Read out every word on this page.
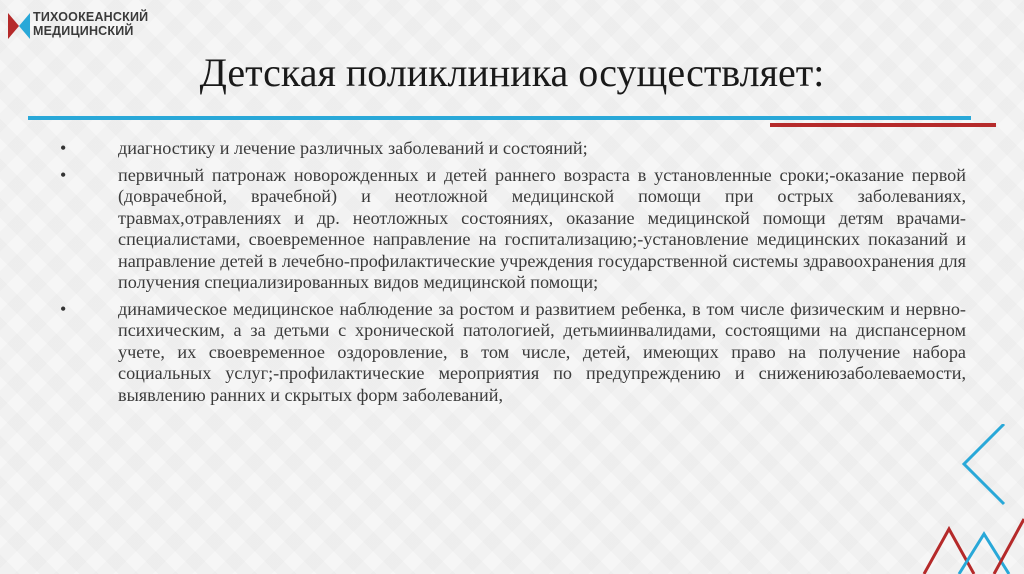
ТИХООКЕАНСКИЙ
МЕДИЦИНСКИЙ
Детская поликлиника осуществляет:
•	диагностику и лечение различных заболеваний и состояний;
•	первичный патронаж новорожденных и детей раннего возраста в установленные сроки;-оказание первой (доврачебной, врачебной) и неотложной медицинской помощи при острых заболеваниях, травмах,отравлениях и др. неотложных состояниях, оказание медицинской помощи детям врачами-специалистами, своевременное направление на госпитализацию;-установление медицинских показаний и направление детей в лечебно-профилактические учреждения государственной системы здравоохранения для получения специализированных видов медицинской помощи;
•	динамическое медицинское наблюдение за ростом и развитием ребенка, в том числе физическим и нервно-психическим, а за детьми с хронической патологией, детьмиинвалидами, состоящими на диспансерном учете, их своевременное оздоровление, в том числе, детей, имеющих право на получение набора социальных услуг;-профилактические мероприятия по предупреждению и снижениюзаболеваемости, выявлению ранних и скрытых форм заболеваний,
